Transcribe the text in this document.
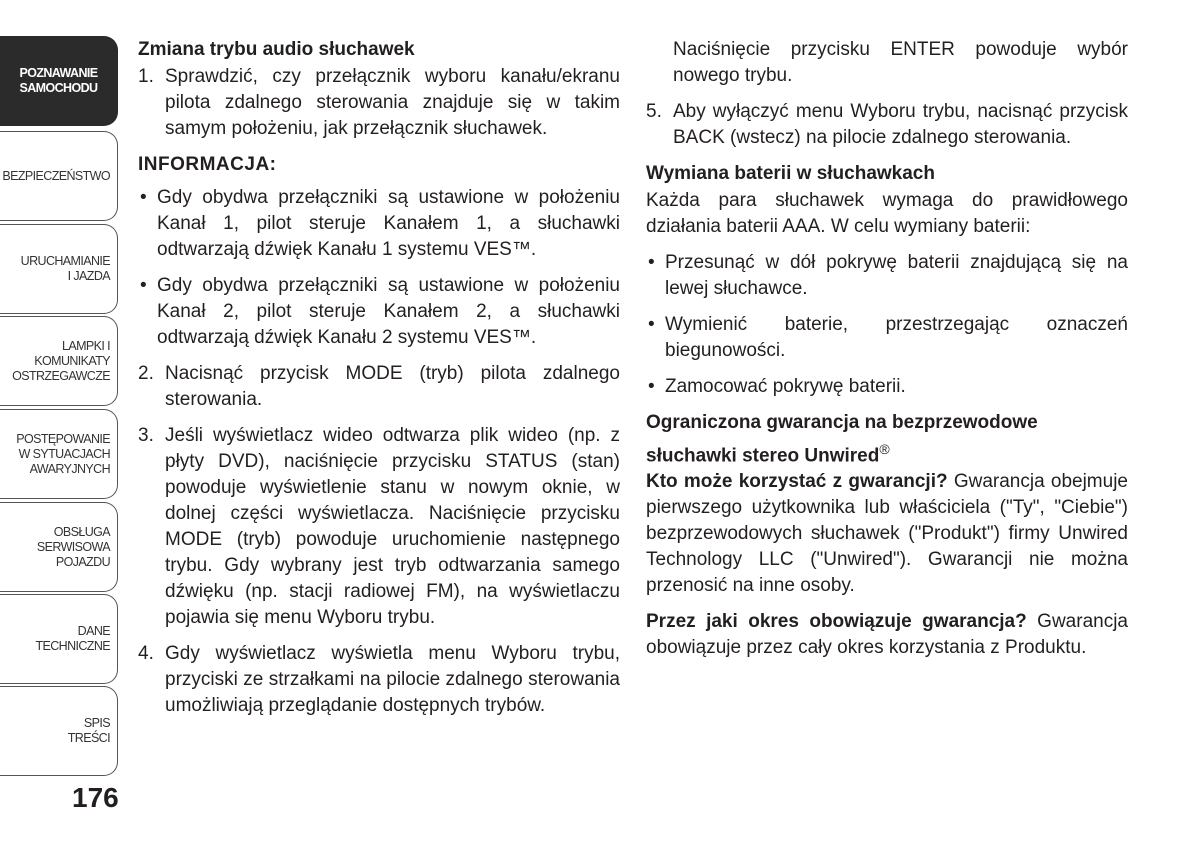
POZNAWANIE
SAMOCHODU
BEZPIECZEŃSTWO
URUCHAMIANIE
I JAZDA
LAMPKI I
KOMUNIKATY
OSTRZEGAWCZE
POSTĘPOWANIE
W SYTUACJACH
AWARYJNYCH
OBSŁUGA
SERWISOWA
POJAZDU
DANE
TECHNICZNE
SPIS
TREŚCI
176

Zmiana trybu audio słuchawek

1. Sprawdzić, czy przełącznik wyboru kanału/ekranu pilota zdalnego sterowania znajduje się w takim samym położeniu, jak przełącznik słuchawek.

INFORMACJA:

• Gdy obydwa przełączniki są ustawione w położeniu Kanał 1, pilot steruje Kanałem 1, a słuchawki odtwarzają dźwięk Kanału 1 systemu VES™.
• Gdy obydwa przełączniki są ustawione w położeniu Kanał 2, pilot steruje Kanałem 2, a słuchawki odtwarzają dźwięk Kanału 2 systemu VES™.
2. Nacisnąć przycisk MODE (tryb) pilota zdalnego sterowania.
3. Jeśli wyświetlacz wideo odtwarza plik wideo (np. z płyty DVD), naciśnięcie przycisku STATUS (stan) powoduje wyświetlenie stanu w nowym oknie, w dolnej części wyświetlacza. Naciśnięcie przycisku MODE (tryb) powoduje uruchomienie następnego trybu. Gdy wybrany jest tryb odtwarzania samego dźwięku (np. stacji radiowej FM), na wyświetlaczu pojawia się menu Wyboru trybu.
4. Gdy wyświetlacz wyświetla menu Wyboru trybu, przyciski ze strzałkami na pilocie zdalnego sterowania umożliwiają przeglądanie dostępnych trybów.

Naciśnięcie przycisku ENTER powoduje wybór nowego trybu.

5. Aby wyłączyć menu Wyboru trybu, nacisnąć przycisk BACK (wstecz) na pilocie zdalnego sterowania.

Wymiana baterii w słuchawkach

Każda para słuchawek wymaga do prawidłowego działania baterii AAA. W celu wymiany baterii:

• Przesunąć w dół pokrywę baterii znajdującą się na lewej słuchawce.
• Wymienić baterie, przestrzegając oznaczeń biegunowości.
• Zamocować pokrywę baterii.

Ograniczona gwarancja na bezprzewodowe słuchawki stereo Unwired®

Kto może korzystać z gwarancji? Gwarancja obejmuje pierwszego użytkownika lub właściciela ("Ty", "Ciebie") bezprzewodowych słuchawek ("Produkt") firmy Unwired Technology LLC ("Unwired"). Gwarancji nie można przenosić na inne osoby.

Przez jaki okres obowiązuje gwarancja? Gwarancja obowiązuje przez cały okres korzystania z Produktu.
